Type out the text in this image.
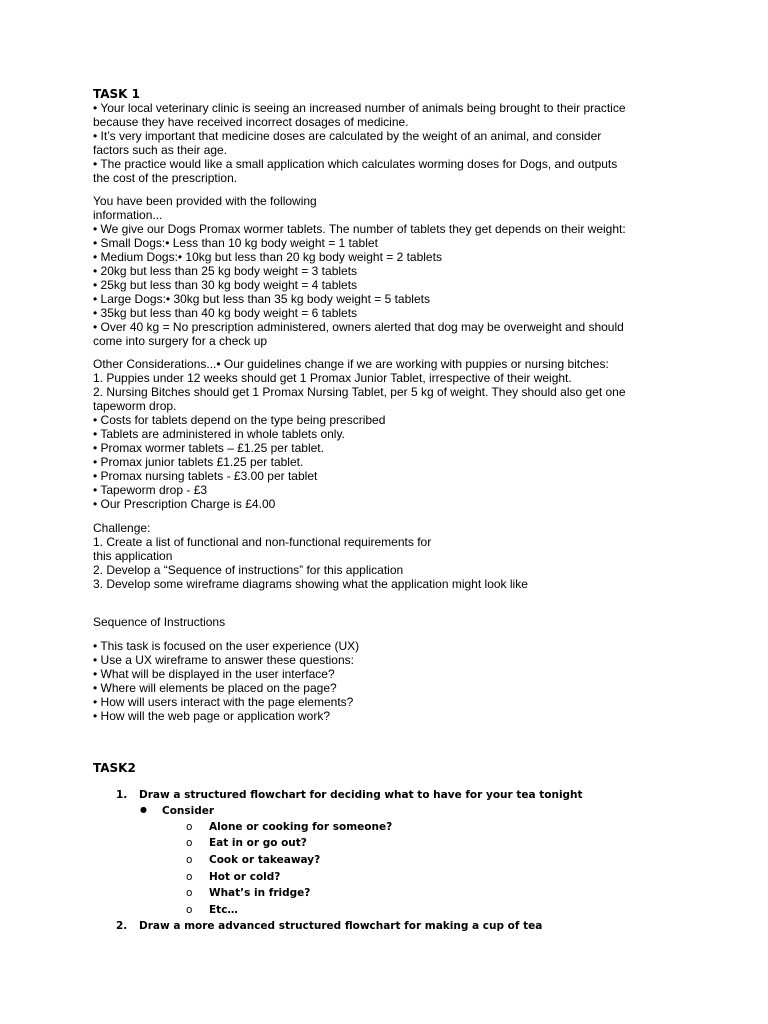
TASK 1
• Your local veterinary clinic is seeing an increased number of animals being brought to their practice
because they have received incorrect dosages of medicine.
• It’s very important that medicine doses are calculated by the weight of an animal, and consider
factors such as their age.
• The practice would like a small application which calculates worming doses for Dogs, and outputs
the cost of the prescription.
You have been provided with the following
information...
• We give our Dogs Promax wormer tablets. The number of tablets they get depends on their weight:
• Small Dogs:• Less than 10 kg body weight = 1 tablet
• Medium Dogs:• 10kg but less than 20 kg body weight = 2 tablets
• 20kg but less than 25 kg body weight = 3 tablets
• 25kg but less than 30 kg body weight = 4 tablets
• Large Dogs:• 30kg but less than 35 kg body weight = 5 tablets
• 35kg but less than 40 kg body weight = 6 tablets
• Over 40 kg = No prescription administered, owners alerted that dog may be overweight and should
come into surgery for a check up
Other Considerations...• Our guidelines change if we are working with puppies or nursing bitches:
1. Puppies under 12 weeks should get 1 Promax Junior Tablet, irrespective of their weight.
2. Nursing Bitches should get 1 Promax Nursing Tablet, per 5 kg of weight. They should also get one
tapeworm drop.
• Costs for tablets depend on the type being prescribed
• Tablets are administered in whole tablets only.
• Promax wormer tablets – £1.25 per tablet.
• Promax junior tablets £1.25 per tablet.
• Promax nursing tablets - £3.00 per tablet
• Tapeworm drop - £3
• Our Prescription Charge is £4.00
Challenge:
1. Create a list of functional and non-functional requirements for
this application
2. Develop a “Sequence of instructions” for this application
3. Develop some wireframe diagrams showing what the application might look like
Sequence of Instructions
• This task is focused on the user experience (UX)
• Use a UX wireframe to answer these questions:
• What will be displayed in the user interface?
• Where will elements be placed on the page?
• How will users interact with the page elements?
• How will the web page or application work?
TASK2
1. Draw a structured flowchart for deciding what to have for your tea tonight
● Consider
o Alone or cooking for someone?
o Eat in or go out?
o Cook or takeaway?
o Hot or cold?
o What’s in fridge?
o Etc…
2. Draw a more advanced structured flowchart for making a cup of tea
